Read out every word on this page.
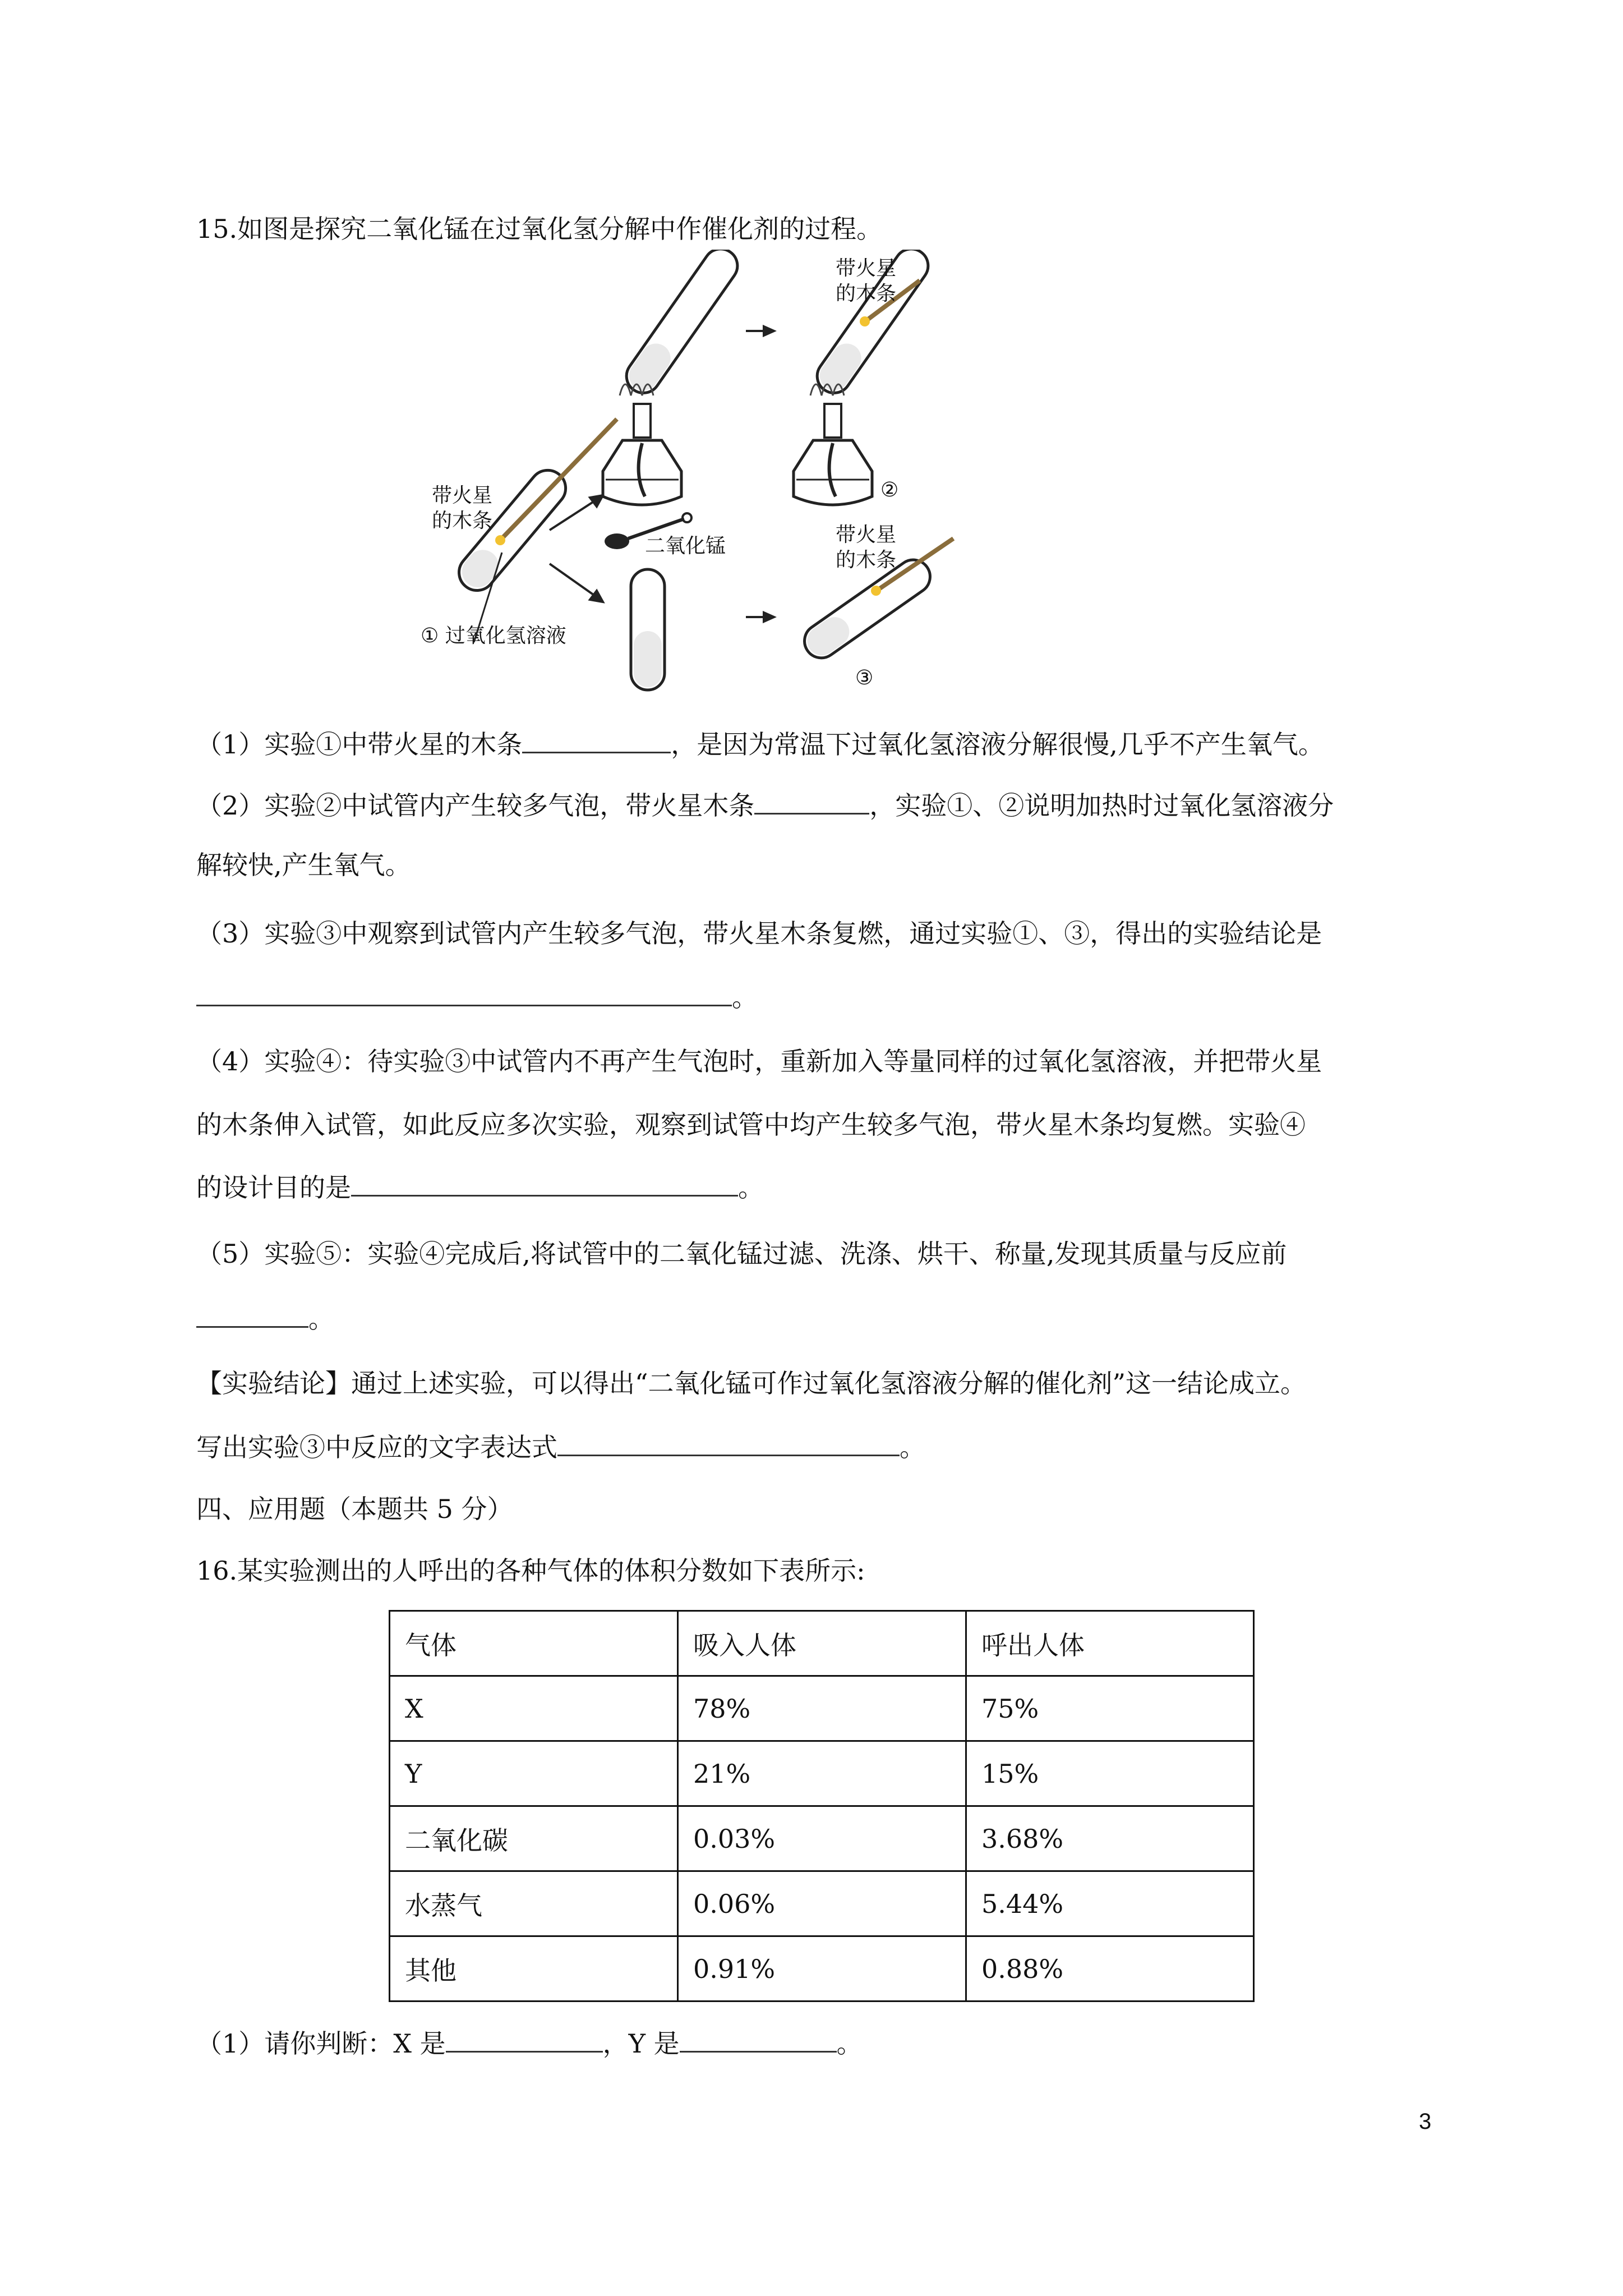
15.如图是探究二氧化锰在过氧化氢分解中作催化剂的过程。
带火星
的木条
① 过氧化氢溶液
带火星
的木条
②
二氧化锰	带火星
的木条
③
（1）实验①中带火星的木条	，是因为常温下过氧化氢溶液分解很慢,几乎不产生氧气。
（2）实验②中试管内产生较多气泡，带火星木条	，实验①、②说明加热时过氧化氢溶液分
解较快,产生氧气。
（3）实验③中观察到试管内产生较多气泡，带火星木条复燃，通过实验①、③，得出的实验结论是
。
（4）实验④：待实验③中试管内不再产生气泡时，重新加入等量同样的过氧化氢溶液，并把带火星
的木条伸入试管，如此反应多次实验，观察到试管中均产生较多气泡，带火星木条均复燃。实验④
的设计目的是	。
（5）实验⑤：实验④完成后,将试管中的二氧化锰过滤、洗涤、烘干、称量,发现其质量与反应前
。
【实验结论】通过上述实验，可以得出“二氧化锰可作过氧化氢溶液分解的催化剂”这一结论成立。
写出实验③中反应的文字表达式	。
四、应用题（本题共 5 分）
16.某实验测出的人呼出的各种气体的体积分数如下表所示:
气体	吸入人体	呼出人体
X	78%	75%
Y	21%	15%
二氧化碳	0.03%	3.68%
水蒸气	0.06%	5.44%
其他	0.91%	0.88%
（1）请你判断：X 是	，Y 是	。
3
